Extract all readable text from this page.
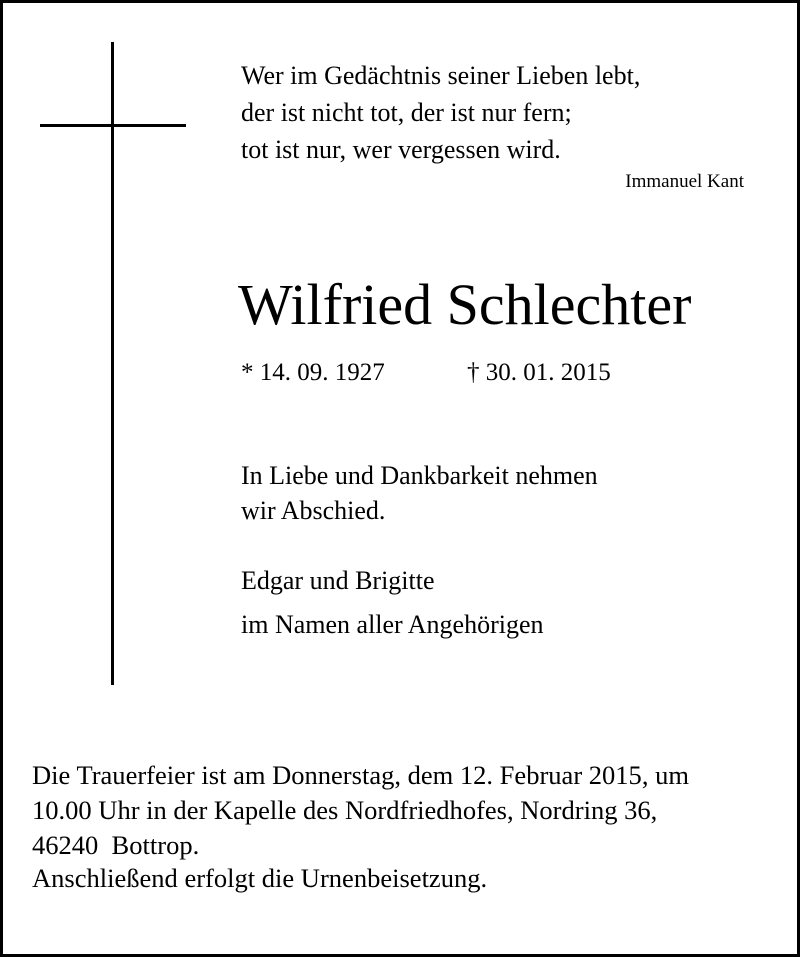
Wer im Gedächtnis seiner Lieben lebt,
der ist nicht tot, der ist nur fern;
tot ist nur, wer vergessen wird.
Immanuel Kant
Wilfried Schlechter
* 14. 09. 1927	† 30. 01. 2015
In Liebe und Dankbarkeit nehmen
wir Abschied.
Edgar und Brigitte
im Namen aller Angehörigen
Die Trauerfeier ist am Donnerstag, dem 12. Februar 2015, um
10.00 Uhr in der Kapelle des Nordfriedhofes, Nordring 36,
46240  Bottrop.
Anschließend erfolgt die Urnenbeisetzung.
